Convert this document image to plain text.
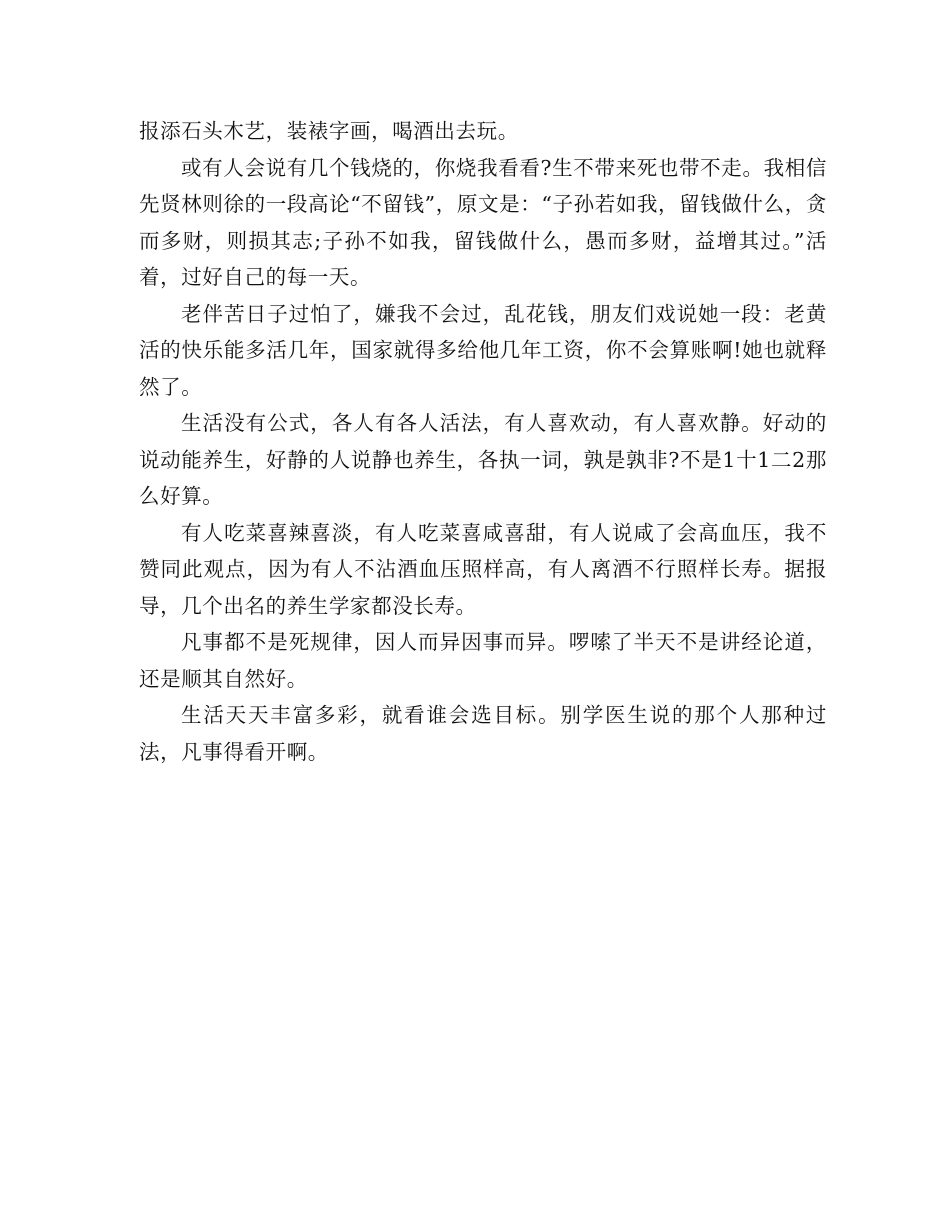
报添石头木艺，装裱字画，喝酒出去玩。

或有人会说有几个钱烧的，你烧我看看?生不带来死也带不走。我相信先贤林则徐的一段高论“不留钱”，原文是：“子孙若如我，留钱做什么，贪而多财，则损其志;子孙不如我，留钱做什么，愚而多财，益增其过。”活着，过好自己的每一天。

老伴苦日子过怕了，嫌我不会过，乱花钱，朋友们戏说她一段：老黄活的快乐能多活几年，国家就得多给他几年工资，你不会算账啊!她也就释然了。

生活没有公式，各人有各人活法，有人喜欢动，有人喜欢静。好动的说动能养生，好静的人说静也养生，各执一词，孰是孰非?不是1十1二2那么好算。

有人吃菜喜辣喜淡，有人吃菜喜咸喜甜，有人说咸了会高血压，我不赞同此观点，因为有人不沾酒血压照样高，有人离酒不行照样长寿。据报导，几个出名的养生学家都没长寿。

凡事都不是死规律，因人而异因事而异。啰嗦了半天不是讲经论道，还是顺其自然好。

生活天天丰富多彩，就看谁会选目标。别学医生说的那个人那种过法，凡事得看开啊。
